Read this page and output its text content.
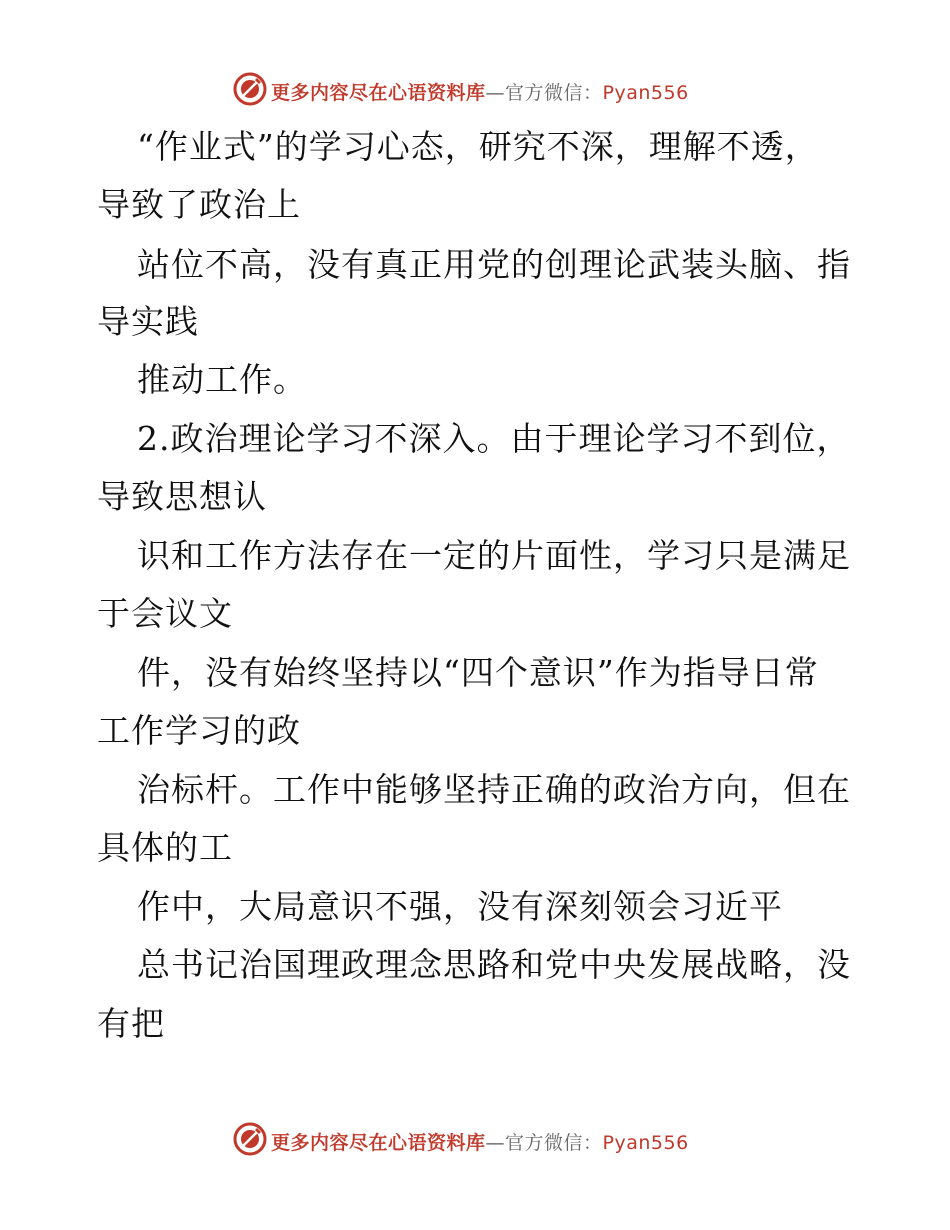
更多内容尽在心语资料库—官方微信：Pyan556
“作业式”的学习心态，研究不深，理解不透，
导致了政治上
站位不高，没有真正用党的创理论武装头脑、指
导实践
推动工作。
2.政治理论学习不深入。由于理论学习不到位，
导致思想认
识和工作方法存在一定的片面性，学习只是满足
于会议文
件，没有始终坚持以“四个意识”作为指导日常
工作学习的政
治标杆。工作中能够坚持正确的政治方向，但在
具体的工
作中，大局意识不强，没有深刻领会习近平
总书记治国理政理念思路和党中央发展战略，没
有把
更多内容尽在心语资料库—官方微信：Pyan556
